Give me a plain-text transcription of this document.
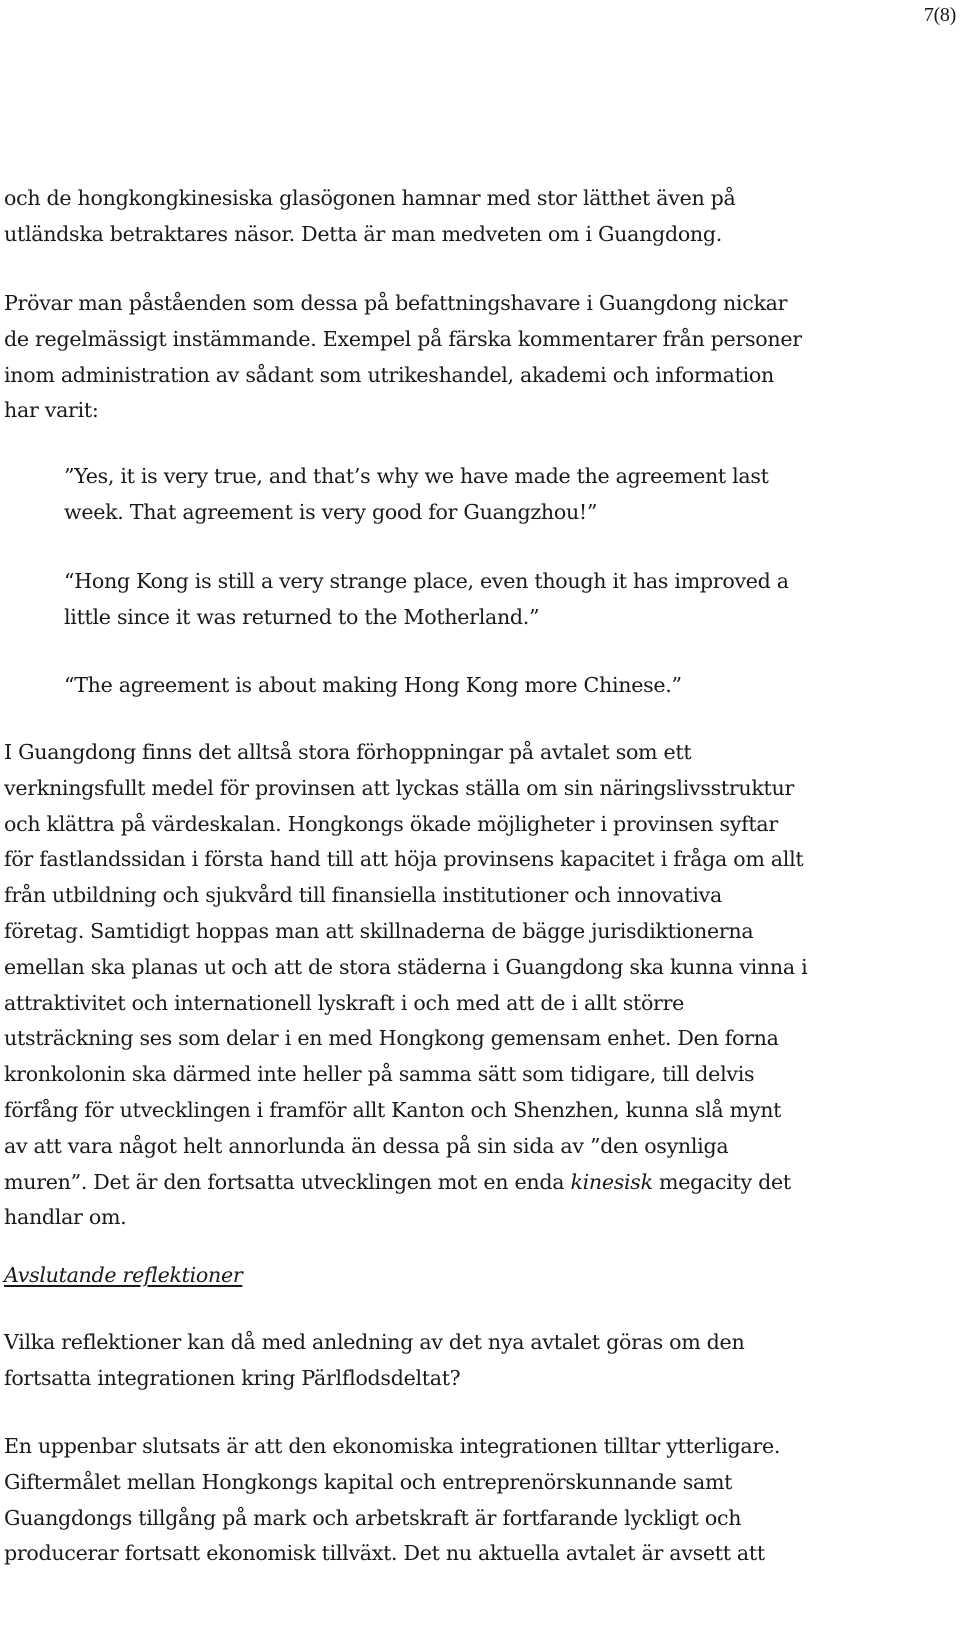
7(8)

och de hongkongkinesiska glasögonen hamnar med stor lätthet även på
utländska betraktares näsor. Detta är man medveten om i Guangdong.

Prövar man påståenden som dessa på befattningshavare i Guangdong nickar
de regelmässigt instämmande. Exempel på färska kommentarer från personer
inom administration av sådant som utrikeshandel, akademi och information
har varit:

”Yes, it is very true, and that’s why we have made the agreement last
week. That agreement is very good for Guangzhou!”
“Hong Kong is still a very strange place, even though it has improved a
little since it was returned to the Motherland.”
“The agreement is about making Hong Kong more Chinese.”

I Guangdong finns det alltså stora förhoppningar på avtalet som ett
verkningsfullt medel för provinsen att lyckas ställa om sin näringslivsstruktur
och klättra på värdeskalan. Hongkongs ökade möjligheter i provinsen syftar
för fastlandssidan i första hand till att höja provinsens kapacitet i fråga om allt
från utbildning och sjukvård till finansiella institutioner och innovativa
företag. Samtidigt hoppas man att skillnaderna de bägge jurisdiktionerna
emellan ska planas ut och att de stora städerna i Guangdong ska kunna vinna i
attraktivitet och internationell lyskraft i och med att de i allt större
utsträckning ses som delar i en med Hongkong gemensam enhet. Den forna
kronkolonin ska därmed inte heller på samma sätt som tidigare, till delvis
förfång för utvecklingen i framför allt Kanton och Shenzhen, kunna slå mynt
av att vara något helt annorlunda än dessa på sin sida av ”den osynliga
muren”. Det är den fortsatta utvecklingen mot en enda kinesisk megacity det
handlar om.

Avslutande reflektioner

Vilka reflektioner kan då med anledning av det nya avtalet göras om den
fortsatta integrationen kring Pärlflodsdeltat?

En uppenbar slutsats är att den ekonomiska integrationen tilltar ytterligare.
Giftermålet mellan Hongkongs kapital och entreprenörskunnande samt
Guangdongs tillgång på mark och arbetskraft är fortfarande lyckligt och
producerar fortsatt ekonomisk tillväxt. Det nu aktuella avtalet är avsett att
